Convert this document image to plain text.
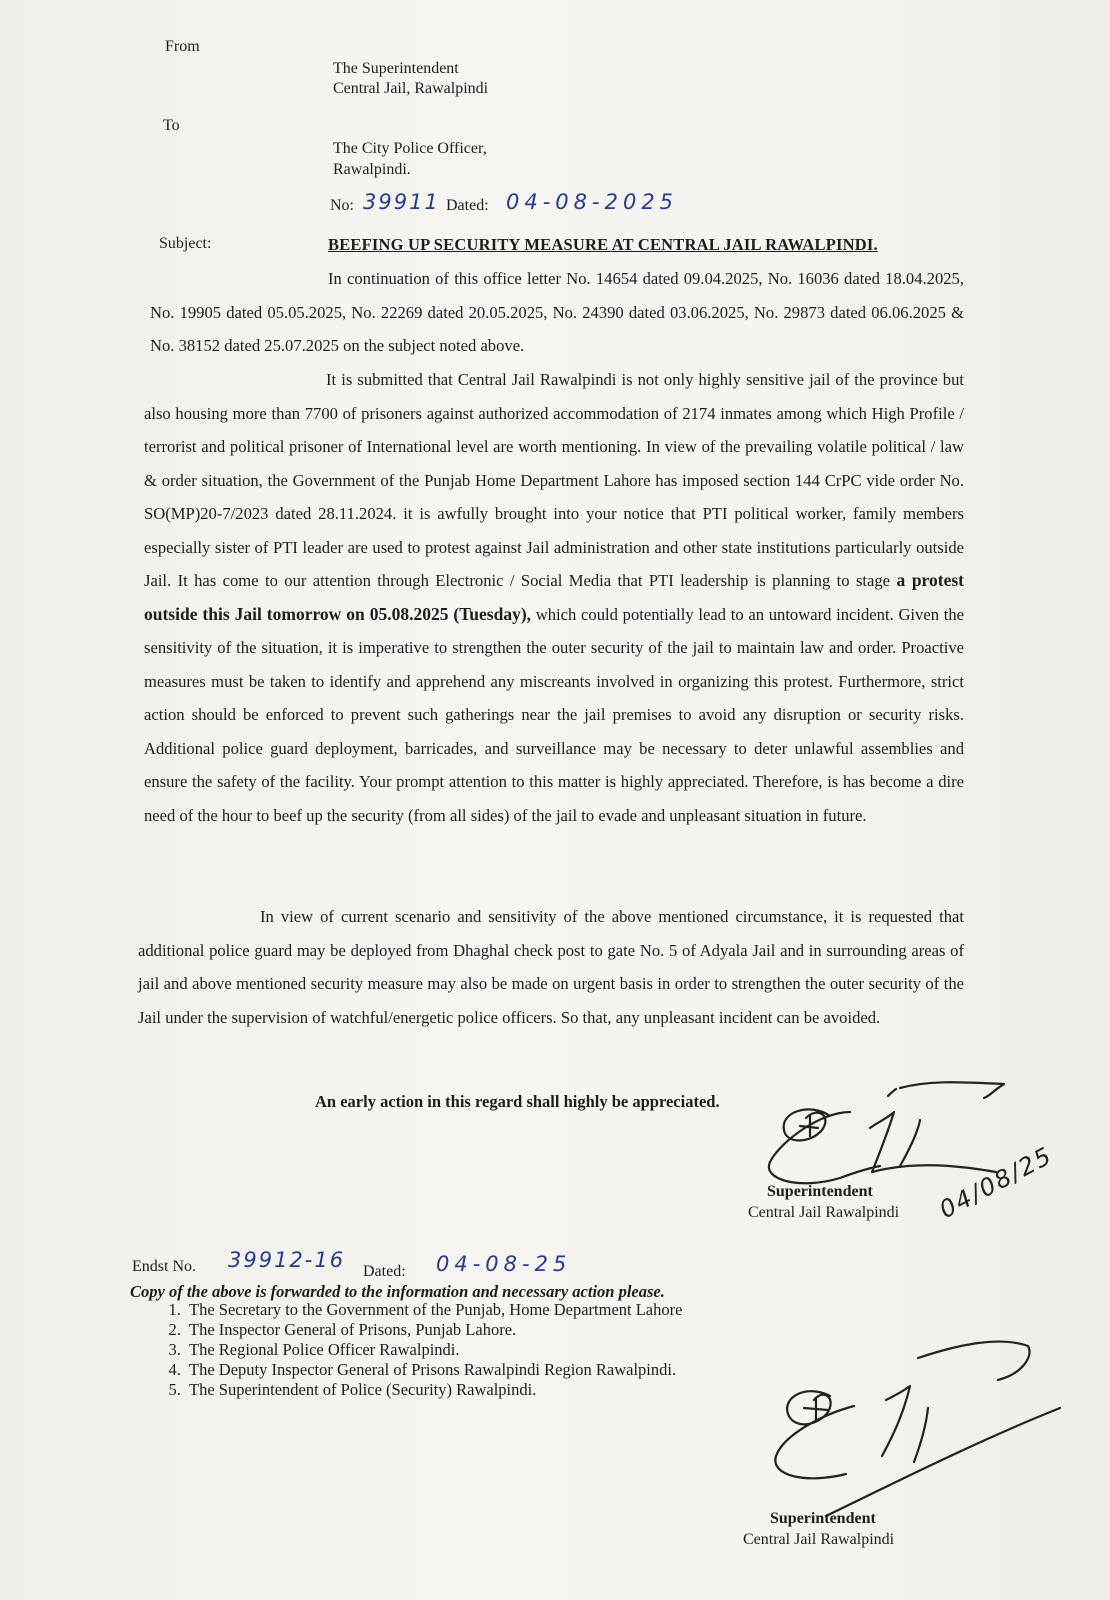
From
The Superintendent
Central Jail, Rawalpindi
To
The City Police Officer,
Rawalpindi.
No: 39911 Dated: 04-08-2025
Subject:	BEEFING UP SECURITY MEASURE AT CENTRAL JAIL RAWALPINDI.

In continuation of this office letter No. 14654 dated 09.04.2025, No. 16036 dated 18.04.2025, No. 19905 dated 05.05.2025, No. 22269 dated 20.05.2025, No. 24390 dated 03.06.2025, No. 29873 dated 06.06.2025 & No. 38152 dated 25.07.2025 on the subject noted above.

It is submitted that Central Jail Rawalpindi is not only highly sensitive jail of the province but also housing more than 7700 of prisoners against authorized accommodation of 2174 inmates among which High Profile / terrorist and political prisoner of International level are worth mentioning. In view of the prevailing volatile political / law & order situation, the Government of the Punjab Home Department Lahore has imposed section 144 CrPC vide order No. SO(MP)20-7/2023 dated 28.11.2024. it is awfully brought into your notice that PTI political worker, family members especially sister of PTI leader are used to protest against Jail administration and other state institutions particularly outside Jail. It has come to our attention through Electronic / Social Media that PTI leadership is planning to stage a protest outside this Jail tomorrow on 05.08.2025 (Tuesday), which could potentially lead to an untoward incident. Given the sensitivity of the situation, it is imperative to strengthen the outer security of the jail to maintain law and order. Proactive measures must be taken to identify and apprehend any miscreants involved in organizing this protest. Furthermore, strict action should be enforced to prevent such gatherings near the jail premises to avoid any disruption or security risks. Additional police guard deployment, barricades, and surveillance may be necessary to deter unlawful assemblies and ensure the safety of the facility. Your prompt attention to this matter is highly appreciated. Therefore, is has become a dire need of the hour to beef up the security (from all sides) of the jail to evade and unpleasant situation in future.

In view of current scenario and sensitivity of the above mentioned circumstance, it is requested that additional police guard may be deployed from Dhaghal check post to gate No. 5 of Adyala Jail and in surrounding areas of jail and above mentioned security measure may also be made on urgent basis in order to strengthen the outer security of the Jail under the supervision of watchful/energetic police officers. So that, any unpleasant incident can be avoided.

An early action in this regard shall highly be appreciated.
Superintendent
Central Jail Rawalpindi 04/08/25
Endst No. 39912-16 Dated: 04-08-25
Copy of the above is forwarded to the information and necessary action please.
1. The Secretary to the Government of the Punjab, Home Department Lahore
2. The Inspector General of Prisons, Punjab Lahore.
3. The Regional Police Officer Rawalpindi.
4. The Deputy Inspector General of Prisons Rawalpindi Region Rawalpindi.
5. The Superintendent of Police (Security) Rawalpindi.
Superintendent
Central Jail Rawalpindi
